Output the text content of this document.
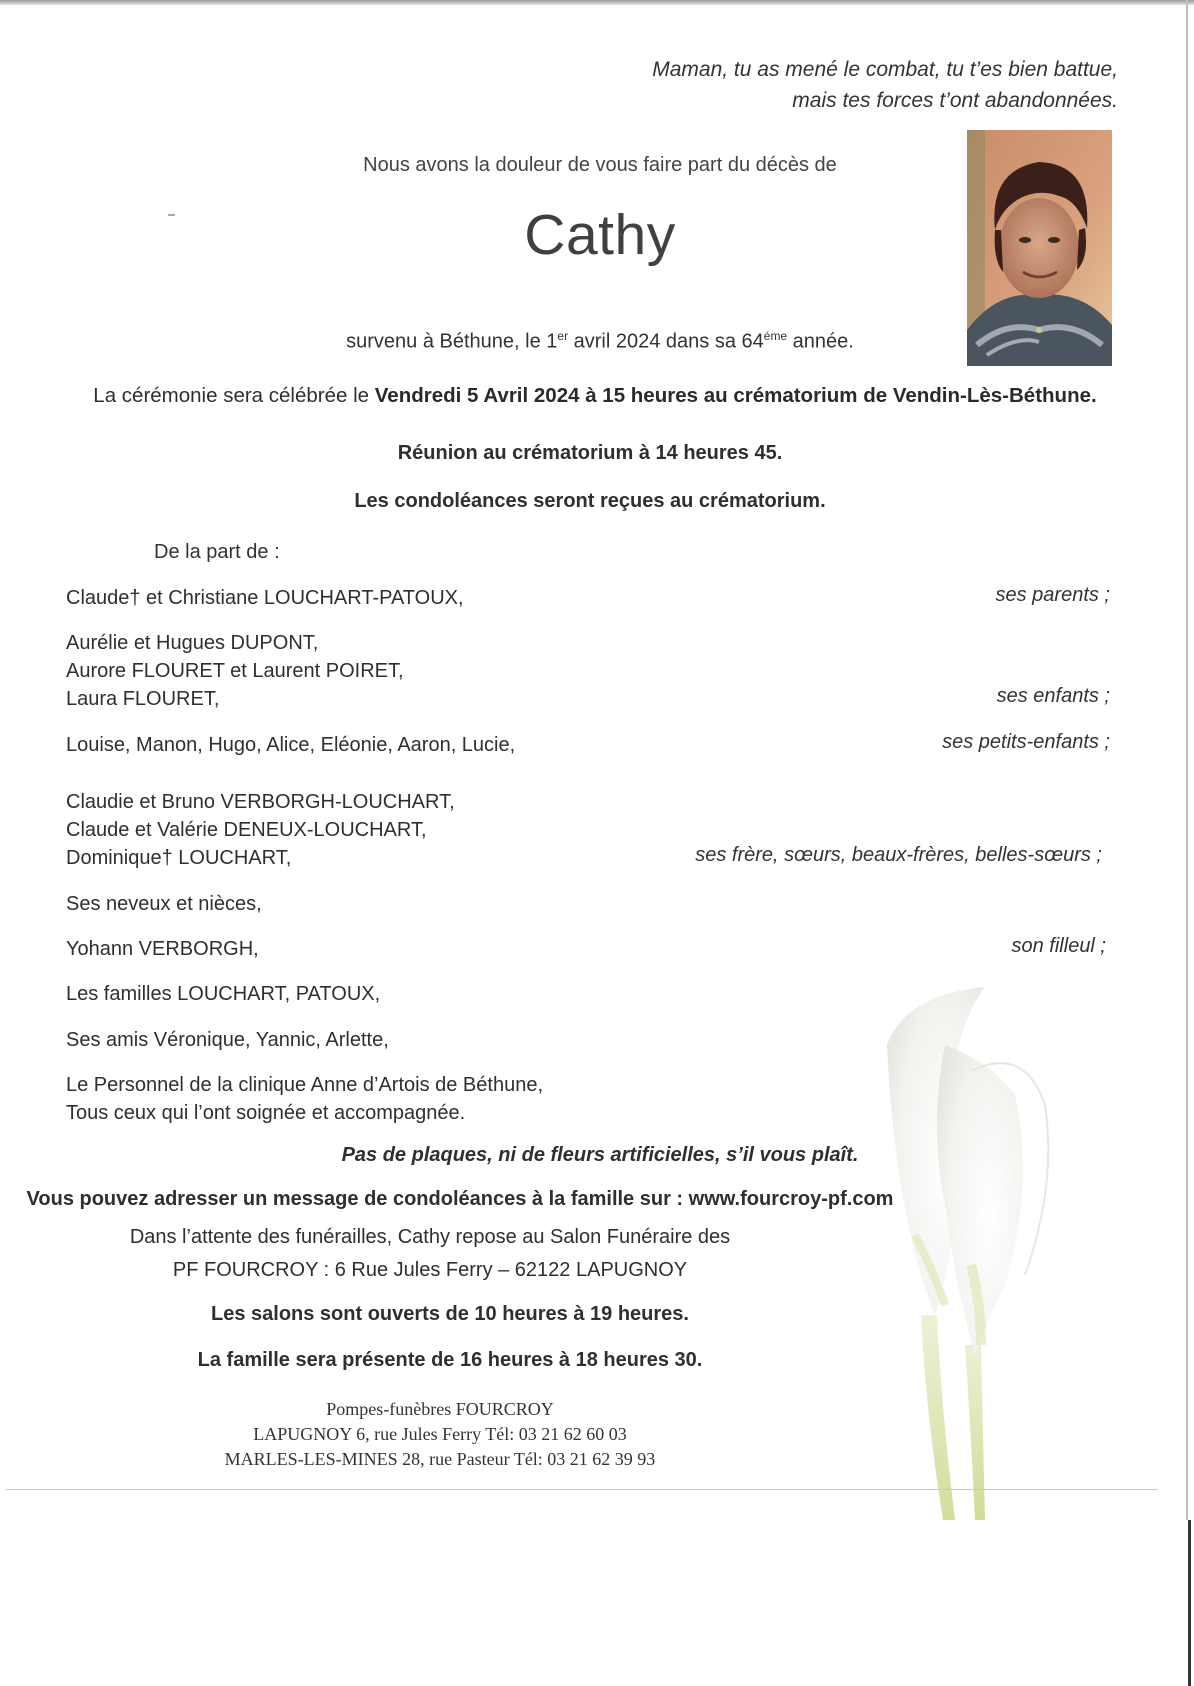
Maman, tu as mené le combat, tu t’es bien battue,
mais tes forces t’ont abandonnées.
Nous avons la douleur de vous faire part du décès de
Cathy
survenu à Béthune, le 1er avril 2024 dans sa $64^{éme}$ année.
La cérémonie sera célébrée le Vendredi 5 Avril 2024 à 15 heures au crématorium de Vendin-Lès-Béthune.
Réunion au crématorium à 14 heures 45.
Les condoléances seront reçues au crématorium.
De la part de :
Claude† et Christiane LOUCHART-PATOUX,	ses parents ;
Aurélie et Hugues DUPONT,
Aurore FLOURET et Laurent POIRET,
Laura FLOURET,	ses enfants ;
Louise, Manon, Hugo, Alice, Eléonie, Aaron, Lucie,	ses petits-enfants ;
Claudie et Bruno VERBORGH-LOUCHART,
Claude et Valérie DENEUX-LOUCHART,
Dominique† LOUCHART,	ses frère, sœurs, beaux-frères, belles-sœurs ;
Ses neveux et nièces,
Yohann VERBORGH,	son filleul ;
Les familles LOUCHART, PATOUX,
Ses amis Véronique, Yannic, Arlette,
Le Personnel de la clinique Anne d’Artois de Béthune,
Tous ceux qui l’ont soignée et accompagnée.
Pas de plaques, ni de fleurs artificielles, s’il vous plaît.
Vous pouvez adresser un message de condoléances à la famille sur : www.fourcroy-pf.com
Dans l’attente des funérailles, Cathy repose au Salon Funéraire des
PF FOURCROY : 6 Rue Jules Ferry – 62122 LAPUGNOY
Les salons sont ouverts de 10 heures à 19 heures.
La famille sera présente de 16 heures à 18 heures 30.
Pompes-funèbres FOURCROY
LAPUGNOY 6, rue Jules Ferry Tél: 03 21 62 60 03
MARLES-LES-MINES 28, rue Pasteur Tél: 03 21 62 39 93
